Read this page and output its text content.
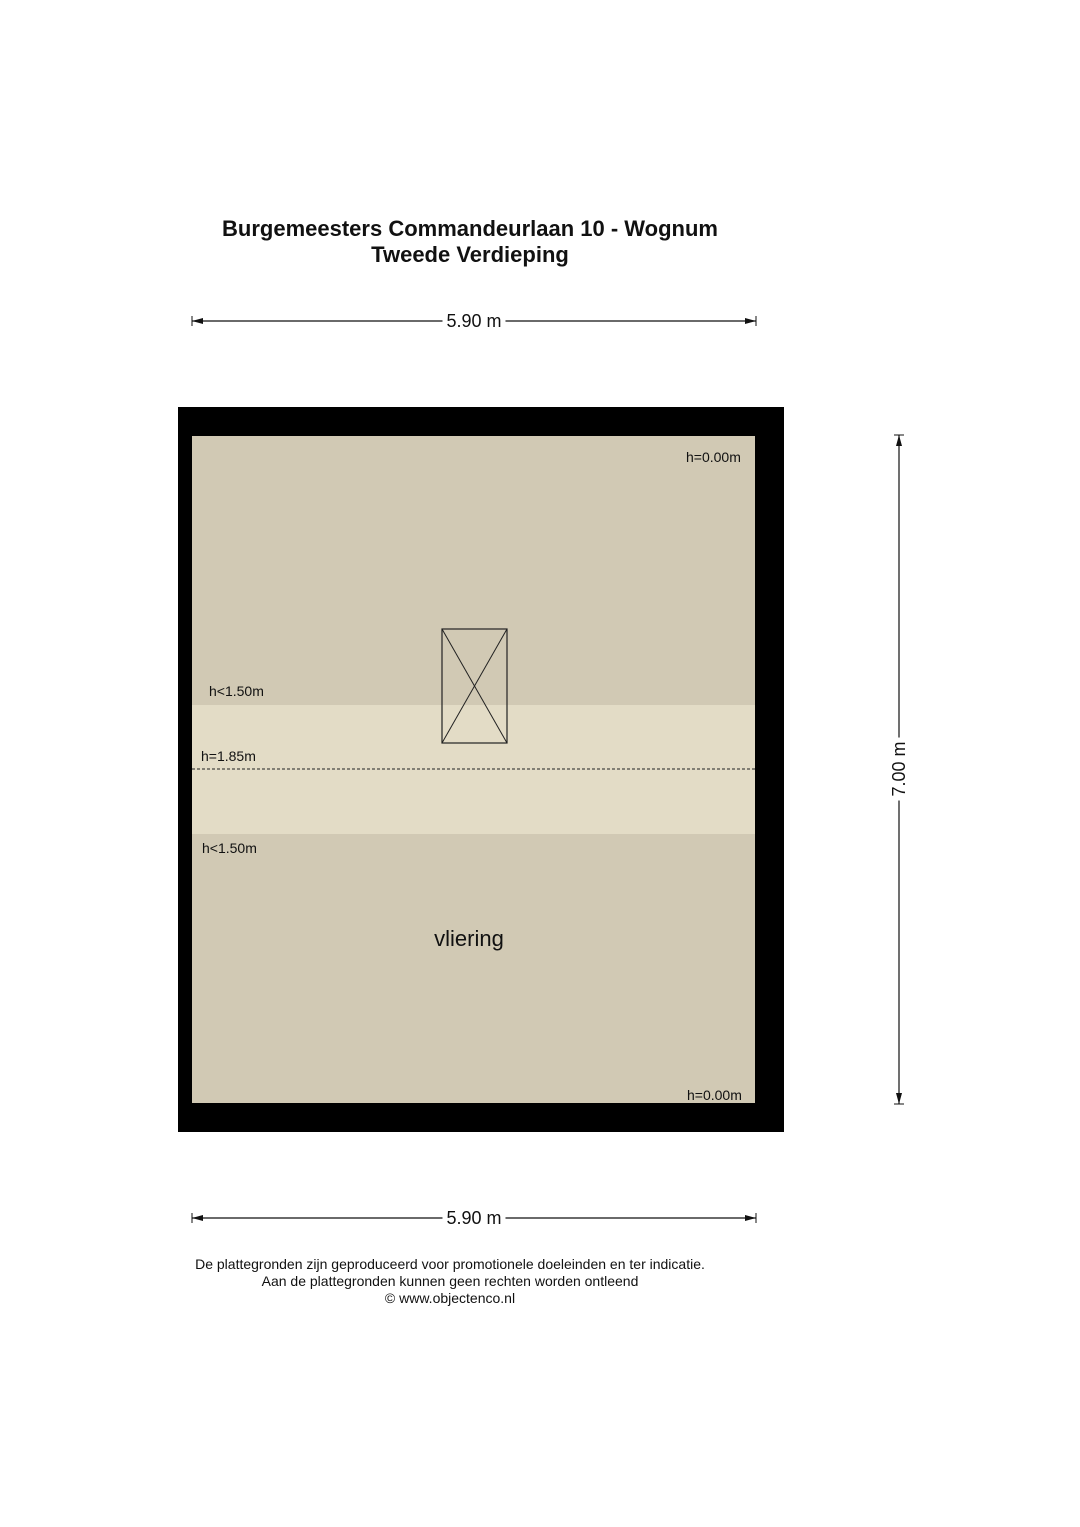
Burgemeesters Commandeurlaan 10 - Wognum
Tweede Verdieping
5.90 m
5.90 m
7.00 m
h=0.00m
h<1.50m
h=1.85m
h<1.50m
h=0.00m
vliering
De plattegronden zijn geproduceerd voor promotionele doeleinden en ter indicatie.
Aan de plattegronden kunnen geen rechten worden ontleend
© www.objectenco.nl
